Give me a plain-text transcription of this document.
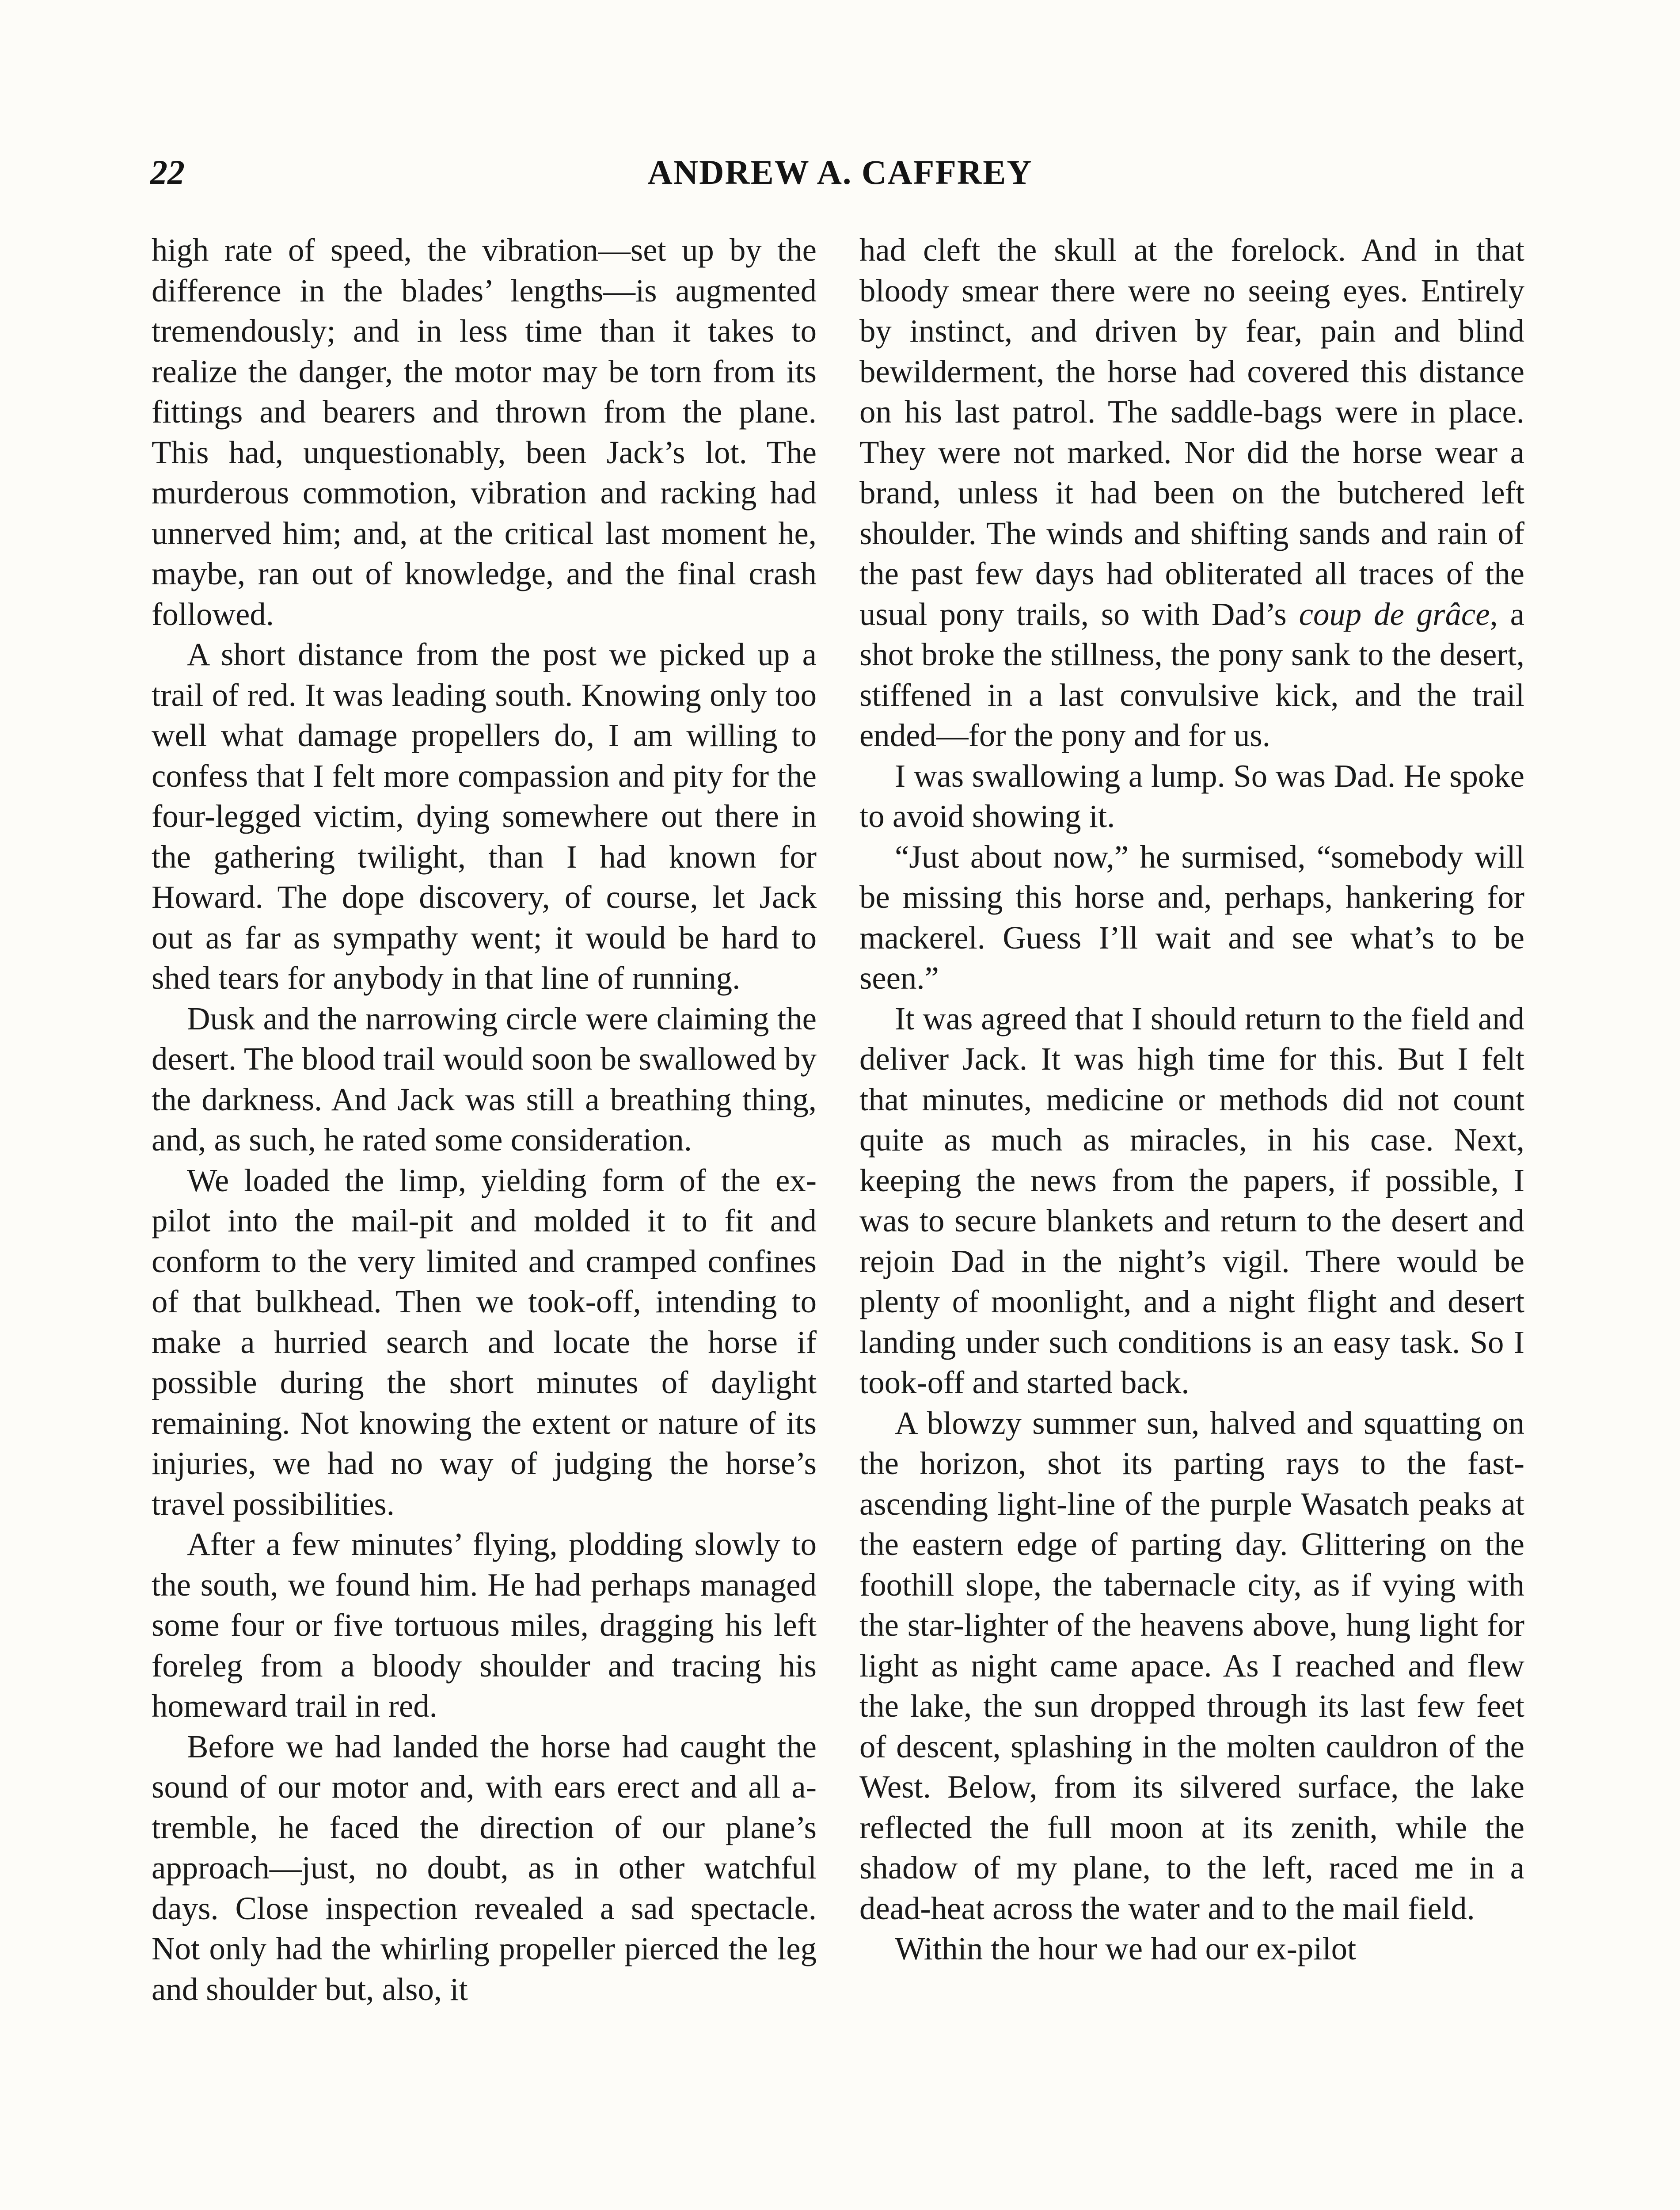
22	ANDREW A. CAFFREY

high rate of speed, the vibration—set up by the difference in the blades’ lengths—is augmented tremendously; and in less time than it takes to realize the danger, the motor may be torn from its fittings and bearers and thrown from the plane. This had, unquestionably, been Jack’s lot. The murderous commotion, vibration and racking had unnerved him; and, at the critical last moment he, maybe, ran out of knowledge, and the final crash followed.

A short distance from the post we picked up a trail of red. It was leading south. Knowing only too well what damage propellers do, I am willing to confess that I felt more compassion and pity for the four-legged victim, dying somewhere out there in the gathering twilight, than I had known for Howard. The dope discovery, of course, let Jack out as far as sympathy went; it would be hard to shed tears for anybody in that line of running.

Dusk and the narrowing circle were claiming the desert. The blood trail would soon be swallowed by the darkness. And Jack was still a breathing thing, and, as such, he rated some consideration.

We loaded the limp, yielding form of the ex-pilot into the mail-pit and molded it to fit and conform to the very limited and cramped confines of that bulkhead. Then we took-off, intending to make a hurried search and locate the horse if possible during the short minutes of daylight remaining. Not knowing the extent or nature of its injuries, we had no way of judging the horse’s travel possibilities.

After a few minutes’ flying, plodding slowly to the south, we found him. He had perhaps managed some four or five tortuous miles, dragging his left foreleg from a bloody shoulder and tracing his homeward trail in red.

Before we had landed the horse had caught the sound of our motor and, with ears erect and all a-tremble, he faced the direction of our plane’s approach—just, no doubt, as in other watchful days. Close inspection revealed a sad spectacle. Not only had the whirling propeller pierced the leg and shoulder but, also, it

had cleft the skull at the forelock. And in that bloody smear there were no seeing eyes. Entirely by instinct, and driven by fear, pain and blind bewilderment, the horse had covered this distance on his last patrol. The saddle-bags were in place. They were not marked. Nor did the horse wear a brand, unless it had been on the butchered left shoulder. The winds and shifting sands and rain of the past few days had obliterated all traces of the usual pony trails, so with Dad’s coup de grâce, a shot broke the stillness, the pony sank to the desert, stiffened in a last convulsive kick, and the trail ended—for the pony and for us.

I was swallowing a lump. So was Dad. He spoke to avoid showing it.

“Just about now,” he surmised, “somebody will be missing this horse and, perhaps, hankering for mackerel. Guess I’ll wait and see what’s to be seen.”

It was agreed that I should return to the field and deliver Jack. It was high time for this. But I felt that minutes, medicine or methods did not count quite as much as miracles, in his case. Next, keeping the news from the papers, if possible, I was to secure blankets and return to the desert and rejoin Dad in the night’s vigil. There would be plenty of moonlight, and a night flight and desert landing under such conditions is an easy task. So I took-off and started back.

A blowzy summer sun, halved and squatting on the horizon, shot its parting rays to the fast-ascending light-line of the purple Wasatch peaks at the eastern edge of parting day. Glittering on the foothill slope, the tabernacle city, as if vying with the star-lighter of the heavens above, hung light for light as night came apace. As I reached and flew the lake, the sun dropped through its last few feet of descent, splashing in the molten cauldron of the West. Below, from its silvered surface, the lake reflected the full moon at its zenith, while the shadow of my plane, to the left, raced me in a dead-heat across the water and to the mail field.

Within the hour we had our ex-pilot
